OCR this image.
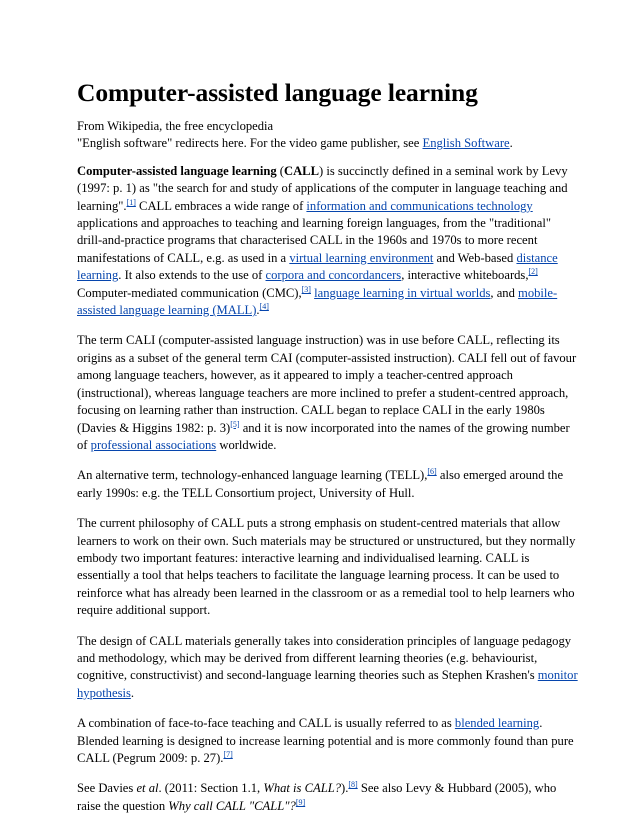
Computer-assisted language learning

From Wikipedia, the free encyclopedia

"English software" redirects here. For the video game publisher, see English Software.

Computer-assisted language learning (CALL) is succinctly defined in a seminal work by Levy (1997: p. 1) as "the search for and study of applications of the computer in language teaching and learning".[1] CALL embraces a wide range of information and communications technology applications and approaches to teaching and learning foreign languages, from the "traditional" drill-and-practice programs that characterised CALL in the 1960s and 1970s to more recent manifestations of CALL, e.g. as used in a virtual learning environment and Web-based distance learning. It also extends to the use of corpora and concordancers, interactive whiteboards,[2] Computer-mediated communication (CMC),[3] language learning in virtual worlds, and mobile-assisted language learning (MALL).[4]

The term CALI (computer-assisted language instruction) was in use before CALL, reflecting its origins as a subset of the general term CAI (computer-assisted instruction). CALI fell out of favour among language teachers, however, as it appeared to imply a teacher-centred approach (instructional), whereas language teachers are more inclined to prefer a student-centred approach, focusing on learning rather than instruction. CALL began to replace CALI in the early 1980s (Davies & Higgins 1982: p. 3)[5] and it is now incorporated into the names of the growing number of professional associations worldwide.

An alternative term, technology-enhanced language learning (TELL),[6] also emerged around the early 1990s: e.g. the TELL Consortium project, University of Hull.

The current philosophy of CALL puts a strong emphasis on student-centred materials that allow learners to work on their own. Such materials may be structured or unstructured, but they normally embody two important features: interactive learning and individualised learning. CALL is essentially a tool that helps teachers to facilitate the language learning process. It can be used to reinforce what has already been learned in the classroom or as a remedial tool to help learners who require additional support.

The design of CALL materials generally takes into consideration principles of language pedagogy and methodology, which may be derived from different learning theories (e.g. behaviourist, cognitive, constructivist) and second-language learning theories such as Stephen Krashen's monitor hypothesis.

A combination of face-to-face teaching and CALL is usually referred to as blended learning. Blended learning is designed to increase learning potential and is more commonly found than pure CALL (Pegrum 2009: p. 27).[7]

See Davies et al. (2011: Section 1.1, What is CALL?).[8] See also Levy & Hubbard (2005), who raise the question Why call CALL "CALL"?[9]
